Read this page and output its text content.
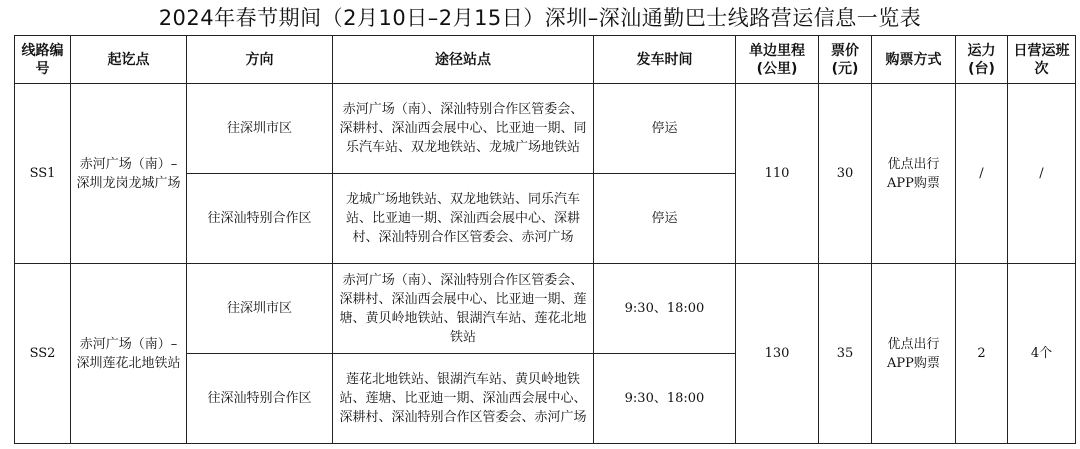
2024年春节期间（2月10日–2月15日）深圳–深汕通勤巴士线路营运信息一览表
线路编号	起讫点	方向	途径站点	发车时间	单边里程(公里)	票价(元)	购票方式	运力(台)	日营运班次
SS1	赤河广场（南）–深圳龙岗龙城广场	往深圳市区	赤河广场（南）、深汕特别合作区管委会、深耕村、深汕西会展中心、比亚迪一期、同乐汽车站、双龙地铁站、龙城广场地铁站	停运	110	30	优点出行APP购票	/	/
		往深汕特别合作区	龙城广场地铁站、双龙地铁站、同乐汽车站、比亚迪一期、深汕西会展中心、深耕村、深汕特别合作区管委会、赤河广场	停运					
SS2	赤河广场（南）–深圳莲花北地铁站	往深圳市区	赤河广场（南）、深汕特别合作区管委会、深耕村、深汕西会展中心、比亚迪一期、莲塘、黄贝岭地铁站、银湖汽车站、莲花北地铁站	9:30、18:00	130	35	优点出行APP购票	2	4个
		往深汕特别合作区	莲花北地铁站、银湖汽车站、黄贝岭地铁站、莲塘、比亚迪一期、深汕西会展中心、深耕村、深汕特别合作区管委会、赤河广场	9:30、18:00					
